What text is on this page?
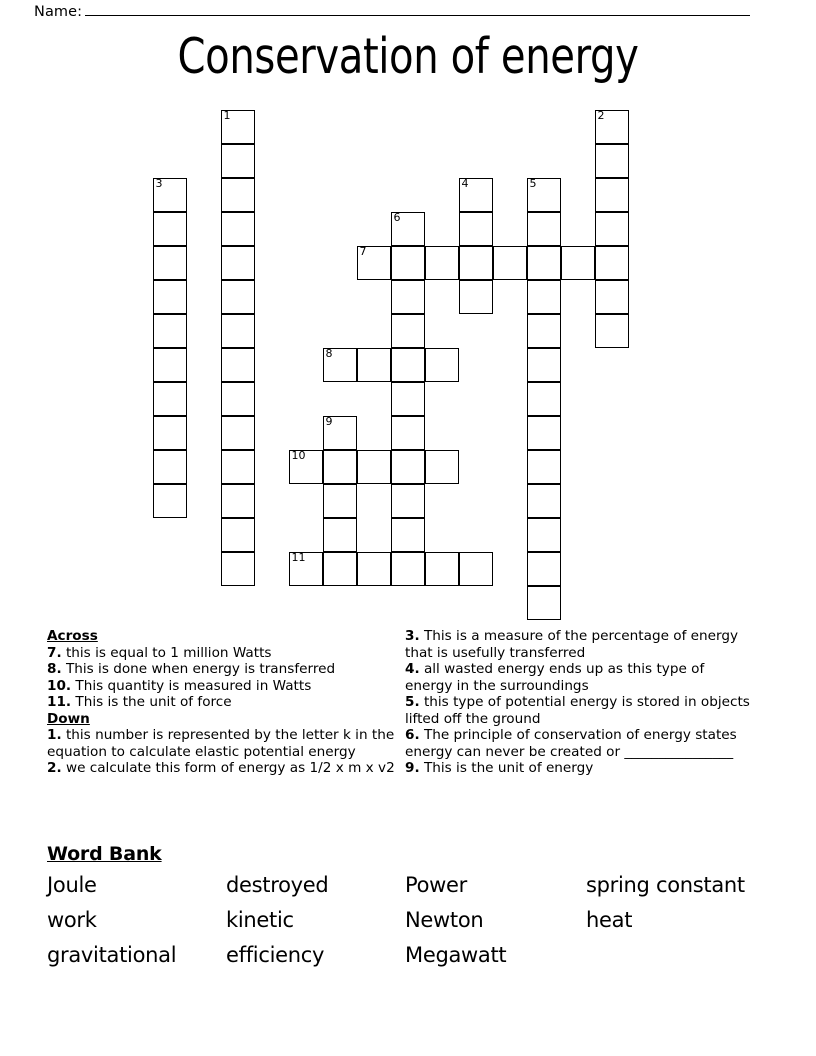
Name:
Conservation of energy
1	2
3	4	5
6
7
8
9
10
11
Across
7. this is equal to 1 million Watts
8. This is done when energy is transferred
10. This quantity is measured in Watts
11. This is the unit of force
Down
1. this number is represented by the letter k in the equation to calculate elastic potential energy
2. we calculate this form of energy as 1/2 x m x v2
3. This is a measure of the percentage of energy that is usefully transferred
4. all wasted energy ends up as this type of energy in the surroundings
5. this type of potential energy is stored in objects lifted off the ground
6. The principle of conservation of energy states energy can never be created or ________________
9. This is the unit of energy
Word Bank
Joule	destroyed	Power	spring constant
work	kinetic	Newton	heat
gravitational	efficiency	Megawatt
